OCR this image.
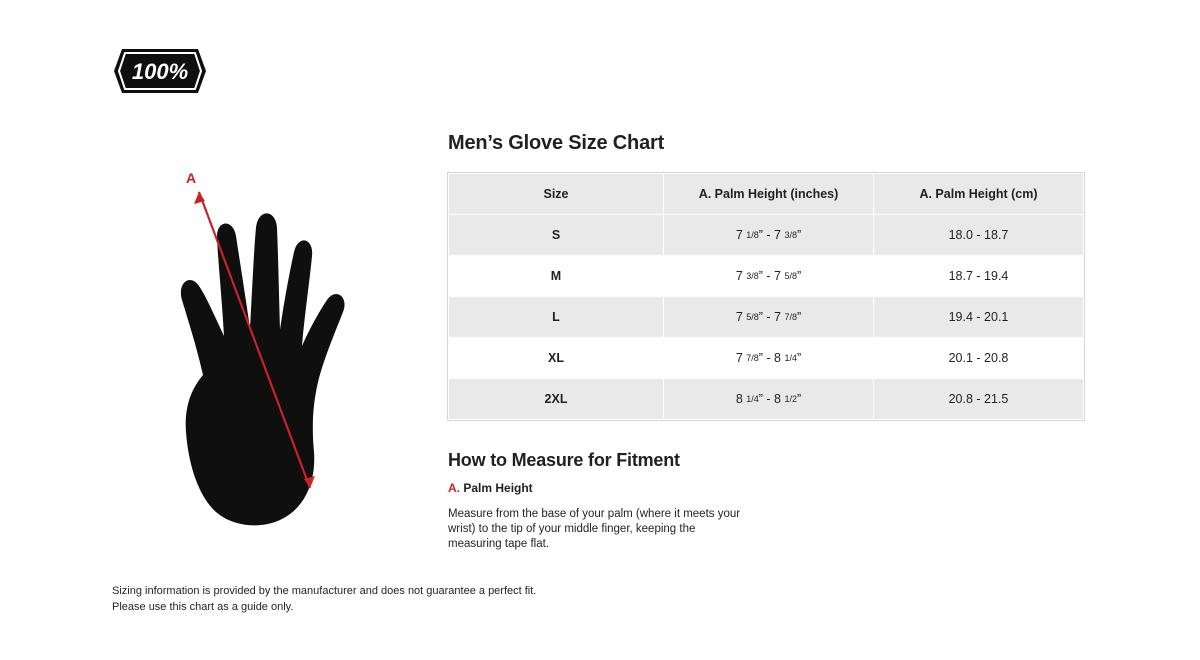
100%
A
Men’s Glove Size Chart
Size	A. Palm Height (inches)	A. Palm Height (cm)
S	7 1/8” - 7 3/8”	18.0 - 18.7
M	7 3/8” - 7 5/8”	18.7 - 19.4
L	7 5/8” - 7 7/8”	19.4 - 20.1
XL	7 7/8” - 8 1/4”	20.1 - 20.8
2XL	8 1/4” - 8 1/2”	20.8 - 21.5
How to Measure for Fitment
A. Palm Height

Measure from the base of your palm (where it meets your wrist) to the tip of your middle finger, keeping the measuring tape flat.

Sizing information is provided by the manufacturer and does not guarantee a perfect fit.
Please use this chart as a guide only.
